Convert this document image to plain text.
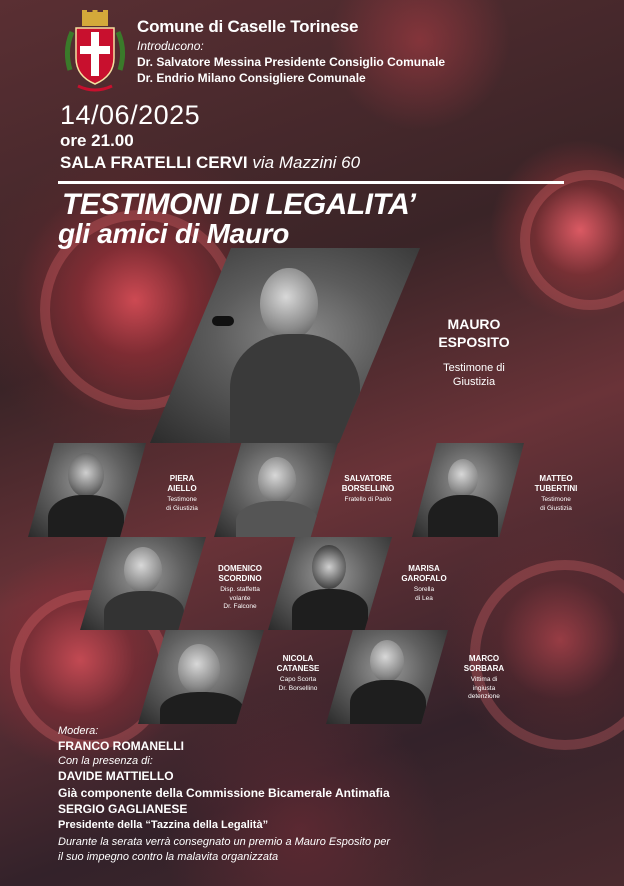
Comune di Caselle Torinese
Introducono:
Dr. Salvatore Messina Presidente Consiglio Comunale
Dr. Endrio Milano Consigliere Comunale
14/06/2025
ore 21.00
SALA FRATELLI CERVI via Mazzini 60
TESTIMONI DI LEGALITA’
gli amici di Mauro
MAURO
ESPOSITO
Testimone di
Giustizia
PIERA
AIELLO
Testimone
di Giustizia
SALVATORE
BORSELLINO
Fratello di Paolo
MATTEO
TUBERTINI
Testimone
di Giustizia
DOMENICO
SCORDINO
Disp. staffetta
volante
Dr. Falcone
MARISA
GAROFALO
Sorella
di Lea
NICOLA
CATANESE
Capo Scorta
Dr. Borsellino
MARCO
SORBARA
Vittima di
ingiusta
detenzione
Modera:
FRANCO ROMANELLI
Con la presenza di:
DAVIDE MATTIELLO
Già componente della Commissione Bicamerale Antimafia
SERGIO GAGLIANESE
Presidente della “Tazzina della Legalità”
Durante la serata verrà consegnato un premio a Mauro Esposito per
il suo impegno contro la malavita organizzata
